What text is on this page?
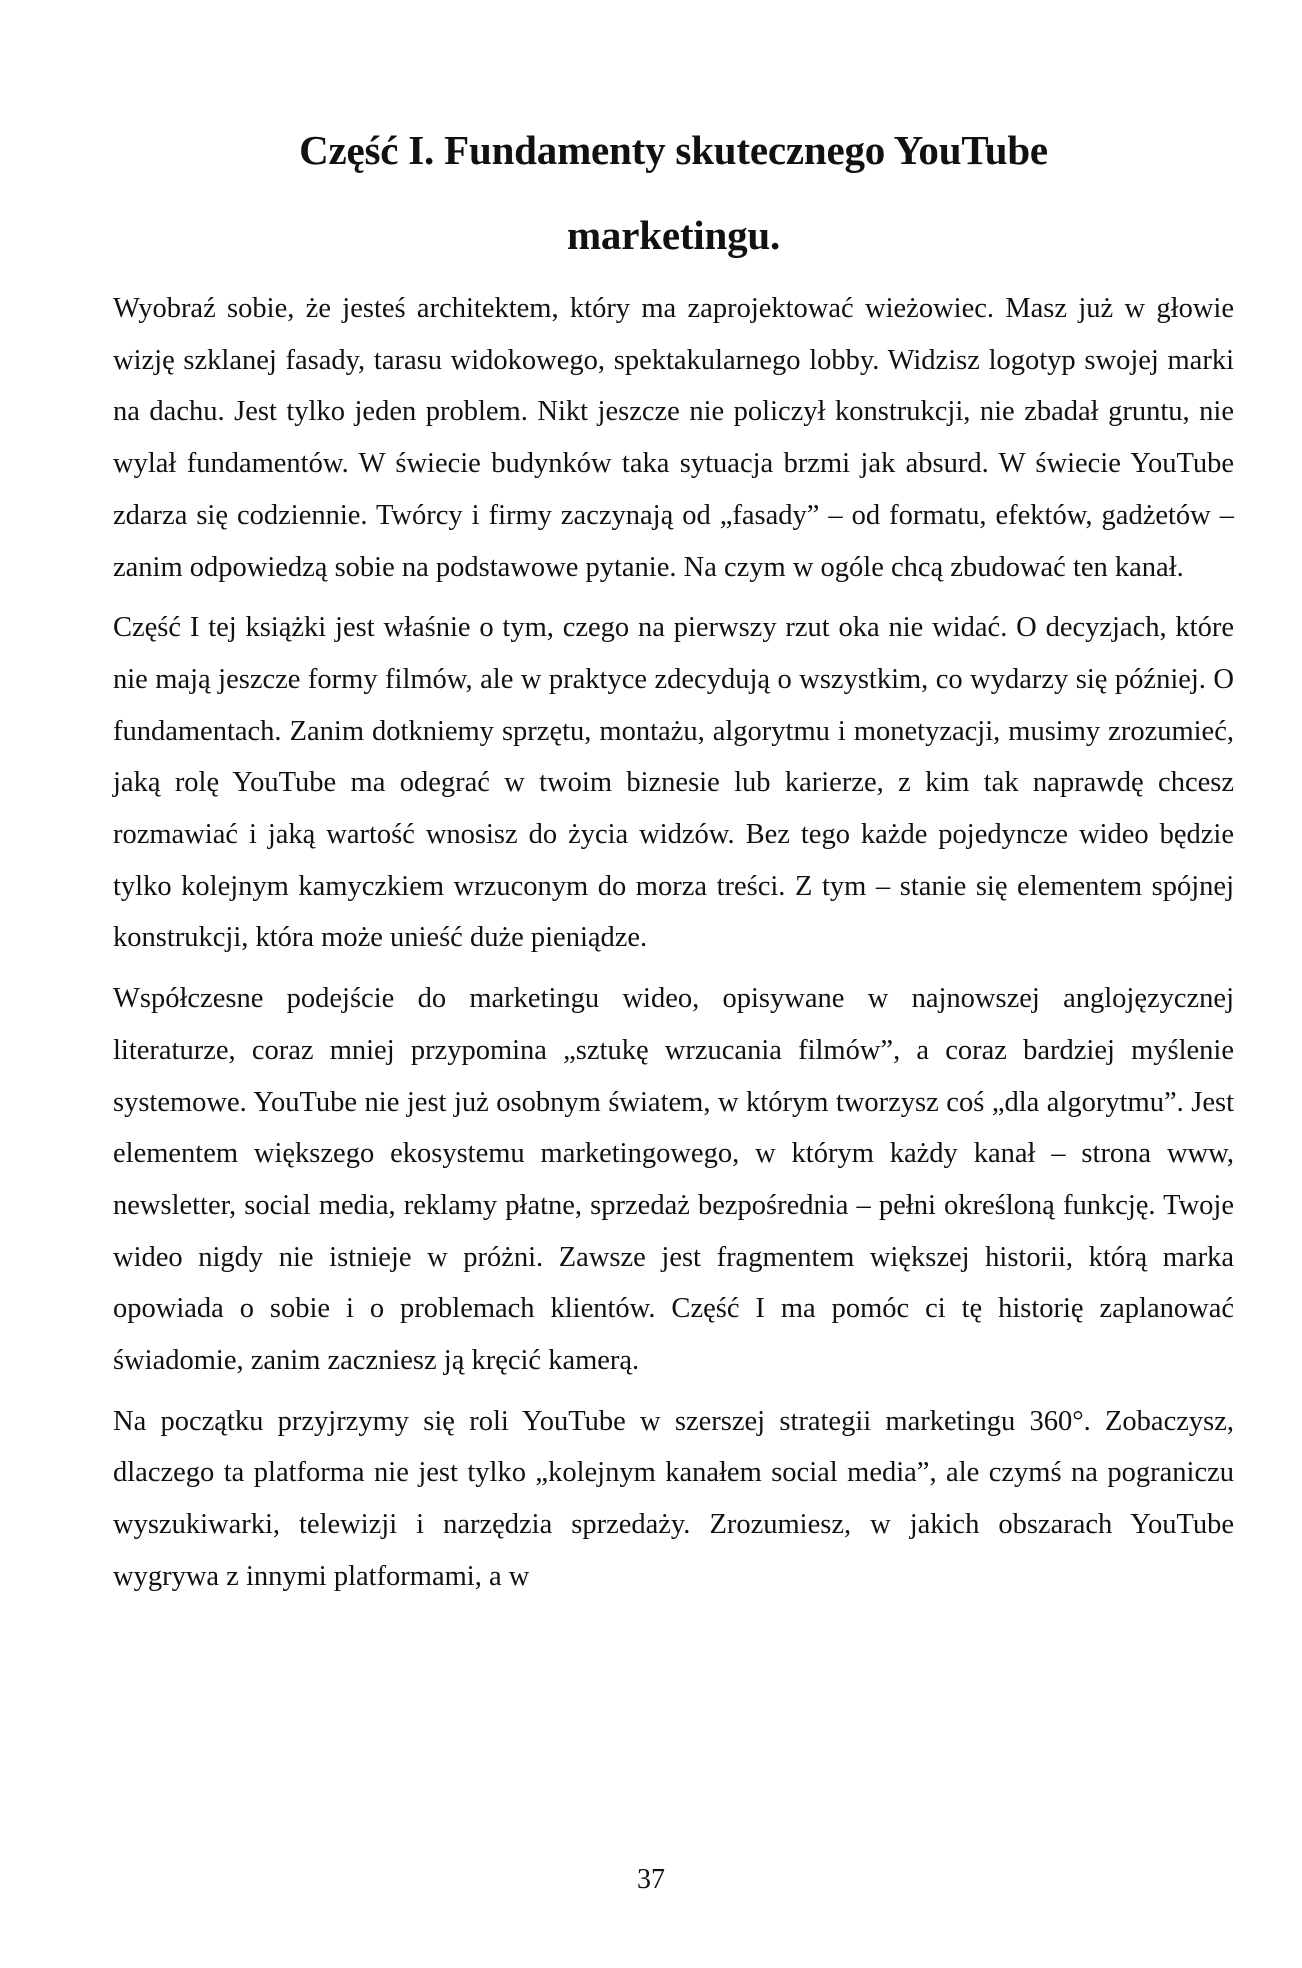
Część I. Fundamenty skutecznego YouTube
marketingu.

Wyobraź sobie, że jesteś architektem, który ma zaprojektować wieżowiec. Masz już w głowie wizję szklanej fasady, tarasu widokowego, spektakularnego lobby. Widzisz logotyp swojej marki na dachu. Jest tylko jeden problem. Nikt jeszcze nie policzył konstrukcji, nie zbadał gruntu, nie wylał fundamentów. W świecie budynków taka sytuacja brzmi jak absurd. W świecie YouTube zdarza się codziennie. Twórcy i firmy zaczynają od „fasady” – od formatu, efektów, gadżetów – zanim odpowiedzą sobie na podstawowe pytanie. Na czym w ogóle chcą zbudować ten kanał.

Część I tej książki jest właśnie o tym, czego na pierwszy rzut oka nie widać. O decyzjach, które nie mają jeszcze formy filmów, ale w praktyce zdecydują o wszystkim, co wydarzy się później. O fundamentach. Zanim dotkniemy sprzętu, montażu, algorytmu i monetyzacji, musimy zrozumieć, jaką rolę YouTube ma odegrać w twoim biznesie lub karierze, z kim tak naprawdę chcesz rozmawiać i jaką wartość wnosisz do życia widzów. Bez tego każde pojedyncze wideo będzie tylko kolejnym kamyczkiem wrzuconym do morza treści. Z tym – stanie się elementem spójnej konstrukcji, która może unieść duże pieniądze.

Współczesne podejście do marketingu wideo, opisywane w najnowszej anglojęzycznej literaturze, coraz mniej przypomina „sztukę wrzucania filmów”, a coraz bardziej myślenie systemowe. YouTube nie jest już osobnym światem, w którym tworzysz coś „dla algorytmu”. Jest elementem większego ekosystemu marketingowego, w którym każdy kanał – strona www, newsletter, social media, reklamy płatne, sprzedaż bezpośrednia – pełni określoną funkcję. Twoje wideo nigdy nie istnieje w próżni. Zawsze jest fragmentem większej historii, którą marka opowiada o sobie i o problemach klientów. Część I ma pomóc ci tę historię zaplanować świadomie, zanim zaczniesz ją kręcić kamerą.

Na początku przyjrzymy się roli YouTube w szerszej strategii marketingu 360°. Zobaczysz, dlaczego ta platforma nie jest tylko „kolejnym kanałem social media”, ale czymś na pograniczu wyszukiwarki, telewizji i narzędzia sprzedaży. Zrozumiesz, w jakich obszarach YouTube wygrywa z innymi platformami, a w

37
